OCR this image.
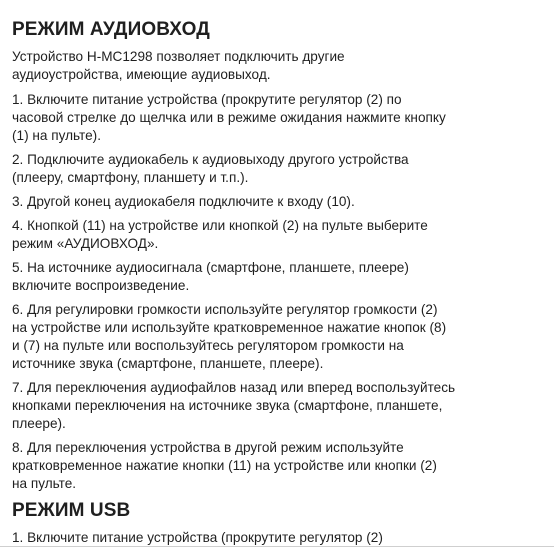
РЕЖИМ АУДИОВХОД

Устройство H-MC1298 позволяет подключить другие
аудиоустройства, имеющие аудиовыход.

1. Включите питание устройства (прокрутите регулятор (2) по
часовой стрелке до щелчка или в режиме ожидания нажмите кнопку
(1) на пульте).

2. Подключите аудиокабель к аудиовыходу другого устройства
(плееру, смартфону, планшету и т.п.).

3. Другой конец аудиокабеля подключите к входу (10).

4. Кнопкой (11) на устройстве или кнопкой (2) на пульте выберите
режим «АУДИОВХОД».

5. На источнике аудиосигнала (смартфоне, планшете, плеере)
включите воспроизведение.

6. Для регулировки громкости используйте регулятор громкости (2)
на устройстве или используйте кратковременное нажатие кнопок (8)
и (7) на пульте или воспользуйтесь регулятором громкости на
источнике звука (смартфоне, планшете, плеере).

7. Для переключения аудиофайлов назад или вперед воспользуйтесь
кнопками переключения на источнике звука (смартфоне, планшете,
плеере).

8. Для переключения устройства в другой режим используйте
кратковременное нажатие кнопки (11) на устройстве или кнопки (2)
на пульте.

РЕЖИМ USB

1. Включите питание устройства (прокрутите регулятор (2)
